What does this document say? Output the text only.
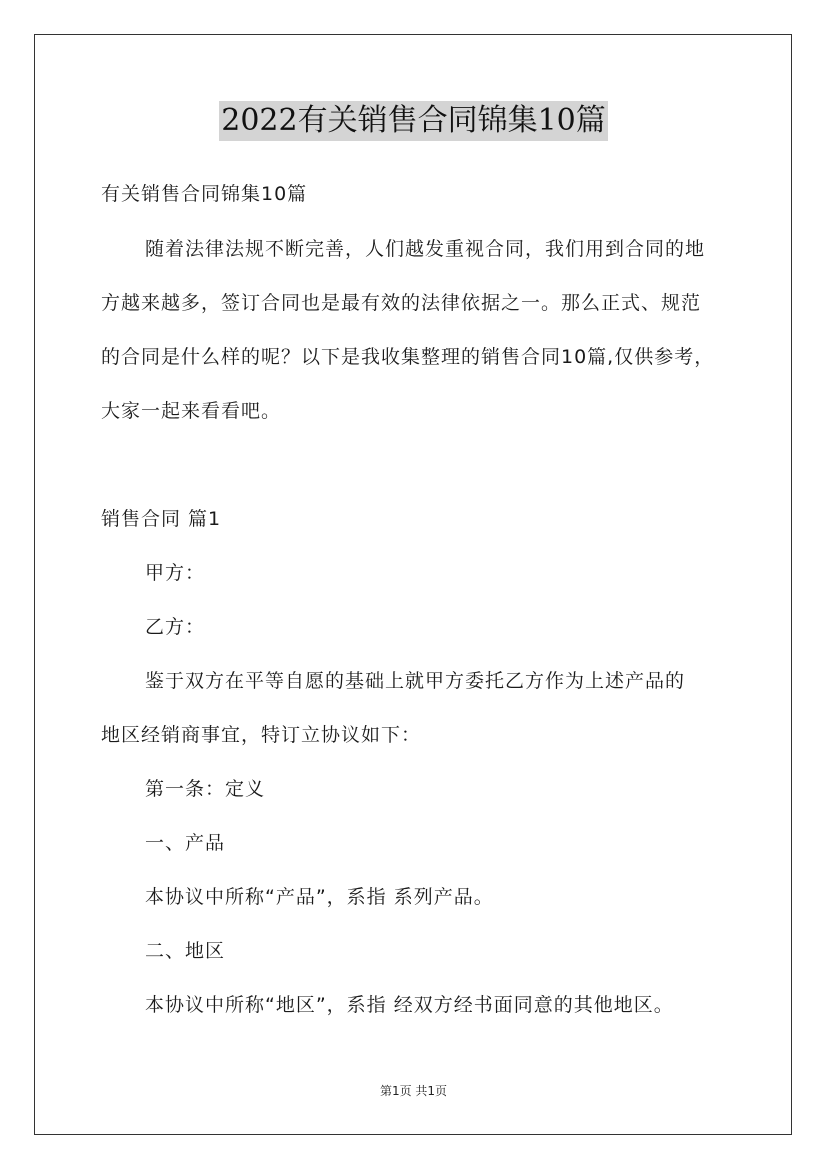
2022有关销售合同锦集10篇
有关销售合同锦集10篇
随着法律法规不断完善，人们越发重视合同，我们用到合同的地
方越来越多，签订合同也是最有效的法律依据之一。那么正式、规范
的合同是什么样的呢？以下是我收集整理的销售合同10篇,仅供参考，
大家一起来看看吧。
销售合同 篇1
甲方：
乙方：
鉴于双方在平等自愿的基础上就甲方委托乙方作为上述产品的
地区经销商事宜，特订立协议如下：
第一条：定义
一、产品
本协议中所称“产品”，系指 系列产品。
二、地区
本协议中所称“地区”，系指 经双方经书面同意的其他地区。
第1页 共1页
